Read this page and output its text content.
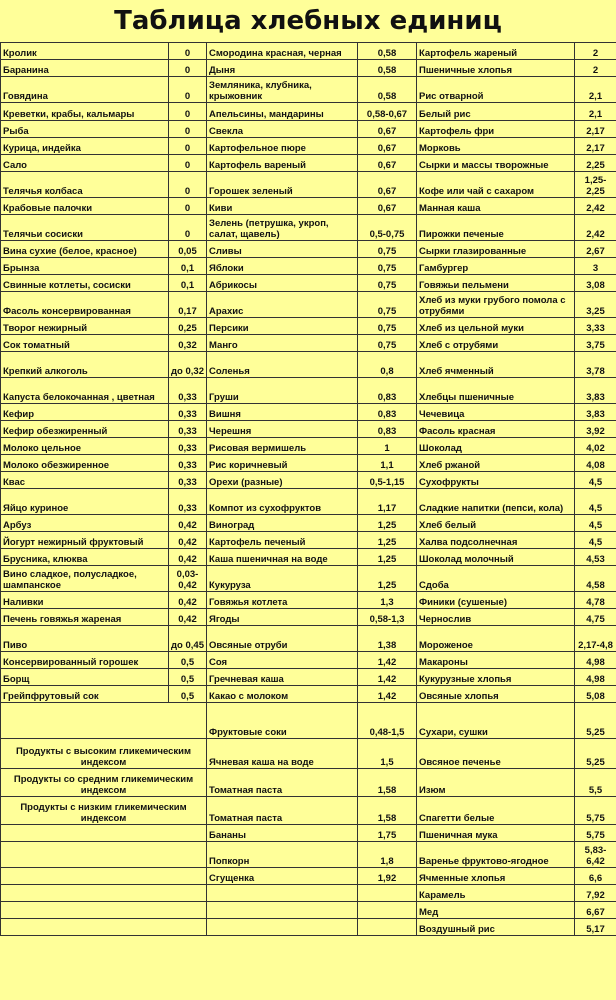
Таблица хлебных единиц
Кролик	0	Смородина красная, черная	0,58	Картофель жареный	2
Баранина	0	Дыня	0,58	Пшеничные хлопья	2
Говядина	0	Земляника, клубника, крыжовник	0,58	Рис отварной	2,1
Креветки, крабы, кальмары	0	Апельсины, мандарины	0,58-0,67	Белый рис	2,1
Рыба	0	Свекла	0,67	Картофель фри	2,17
Курица, индейка	0	Картофельное пюре	0,67	Морковь	2,17
Сало	0	Картофель вареный	0,67	Сырки и массы творожные	2,25
Телячья колбаса	0	Горошек зеленый	0,67	Кофе или чай с сахаром	1,25-2,25
Крабовые палочки	0	Киви	0,67	Манная каша	2,42
Телячьи сосиски	0	Зелень (петрушка, укроп, салат, щавель)	0,5-0,75	Пирожки печеные	2,42
Вина сухие (белое, красное)	0,05	Сливы	0,75	Сырки глазированные	2,67
Брынза	0,1	Яблоки	0,75	Гамбургер	3
Свинные котлеты, сосиски	0,1	Абрикосы	0,75	Говяжьи пельмени	3,08
Фасоль консервированная	0,17	Арахис	0,75	Хлеб из муки грубого помола с отрубями	3,25
Творог нежирный	0,25	Персики	0,75	Хлеб из цельной муки	3,33
Сок томатный	0,32	Манго	0,75	Хлеб с отрубями	3,75
Крепкий алкоголь	до 0,32	Соленья	0,8	Хлеб ячменный	3,78
Капуста белокочанная , цветная	0,33	Груши	0,83	Хлебцы пшеничные	3,83
Кефир	0,33	Вишня	0,83	Чечевица	3,83
Кефир обезжиренный	0,33	Черешня	0,83	Фасоль красная	3,92
Молоко цельное	0,33	Рисовая вермишель	1	Шоколад	4,02
Молоко обезжиренное	0,33	Рис коричневый	1,1	Хлеб ржаной	4,08
Квас	0,33	Орехи (разные)	0,5-1,15	Сухофрукты	4,5
Яйцо куриное	0,33	Компот из сухофруктов	1,17	Сладкие напитки (пепси, кола)	4,5
Арбуз	0,42	Виноград	1,25	Хлеб белый	4,5
Йогурт нежирный фруктовый	0,42	Картофель печеный	1,25	Халва подсолнечная	4,5
Брусника, клюква	0,42	Каша пшеничная на воде	1,25	Шоколад молочный	4,53
Вино сладкое, полусладкое, шампанское	0,03-0,42	Кукуруза	1,25	Сдоба	4,58
Наливки	0,42	Говяжья котлета	1,3	Финики (сушеные)	4,78
Печень говяжья жареная	0,42	Ягоды	0,58-1,3	Чернослив	4,75
Пиво	до 0,45	Овсяные отруби	1,38	Мороженое	2,17-4,8
Консервированный горошек	0,5	Соя	1,42	Макароны	4,98
Борщ	0,5	Гречневая каша	1,42	Кукурузные хлопья	4,98
Грейпфрутовый сок	0,5	Какао с молоком	1,42	Овсяные хлопья	5,08
		Фруктовые соки	0,48-1,5	Сухари, сушки	5,25
Продукты с высоким гликемическим индексом		Ячневая каша на воде	1,5	Овсяное печенье	5,25
Продукты со средним гликемическим индексом		Томатная паста	1,58	Изюм	5,5
Продукты с низким гликемическим индексом		Томатная паста	1,58	Спагетти белые	5,75
		Бананы	1,75	Пшеничная мука	5,75
		Попкорн	1,8	Варенье фруктово-ягодное	5,83-6,42
		Сгущенка	1,92	Ячменные хлопья	6,6
				Карамель	7,92
				Мед	6,67
				Воздушный рис	5,17
